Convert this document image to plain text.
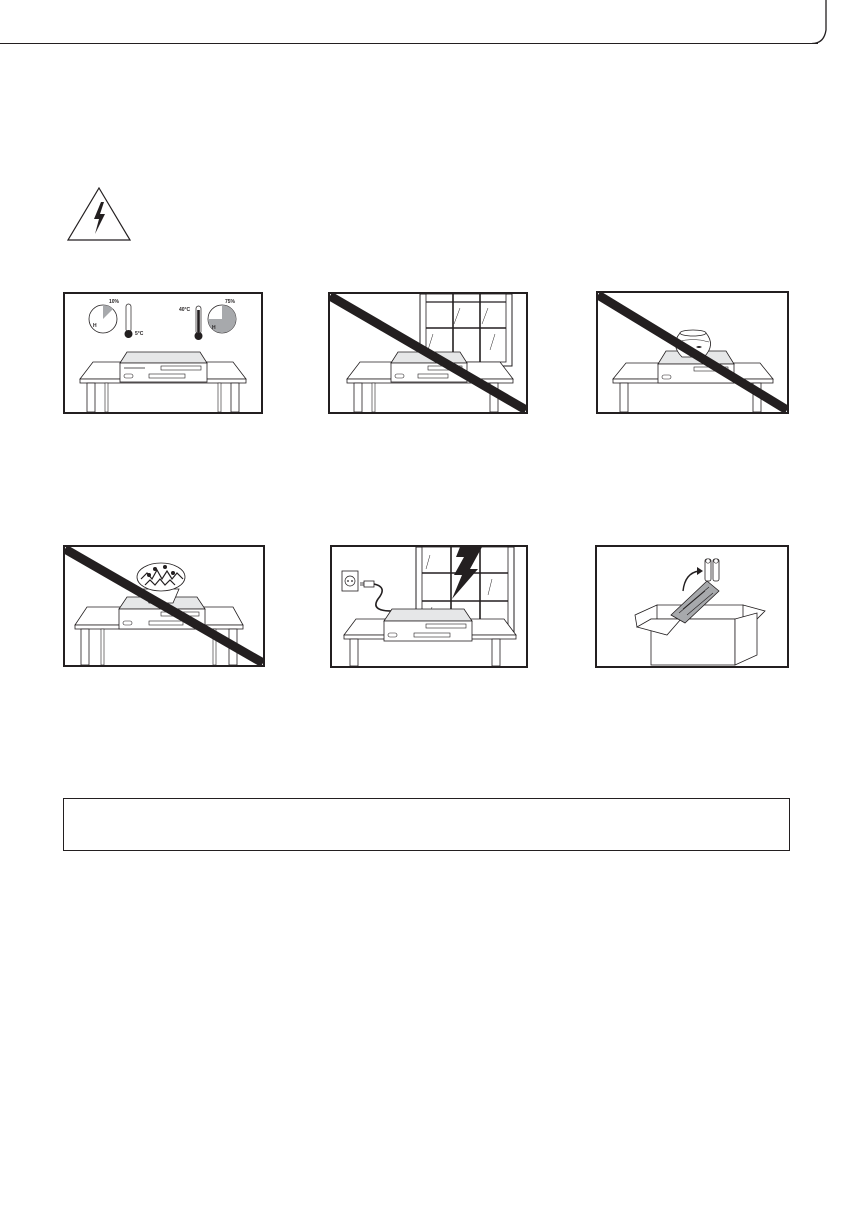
10%
H
5°C
40°C
75%
H
